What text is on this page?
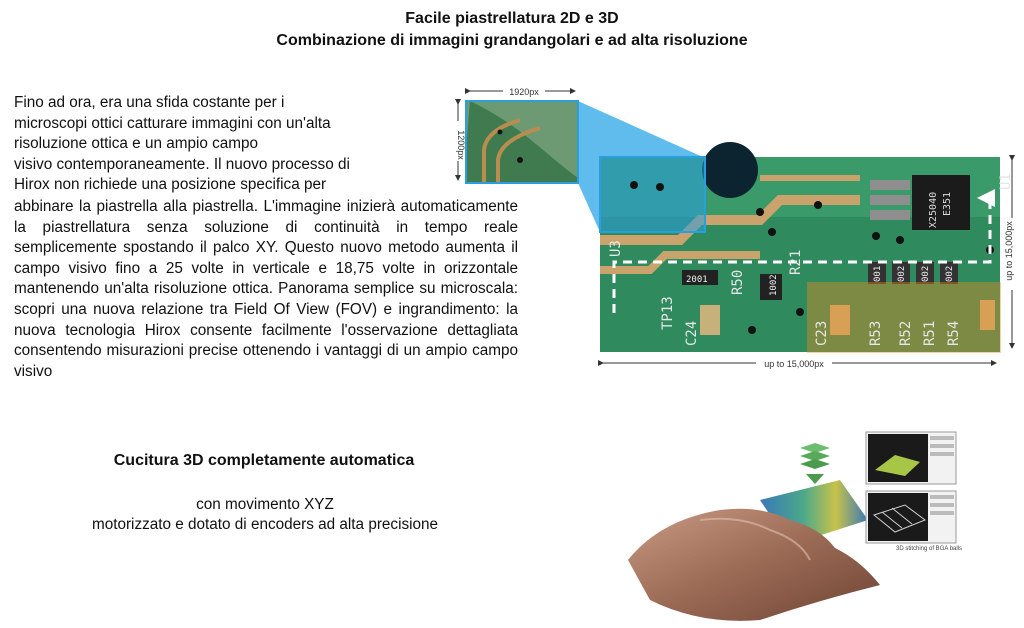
Facile piastrellatura 2D e 3D
Combinazione di immagini grandangolari e ad alta risoluzione
Fino ad ora, era una sfida costante per i
microscopi ottici catturare immagini con un'alta
risoluzione ottica e un ampio campo
visivo contemporaneamente. Il nuovo processo di
Hirox non richiede una posizione specifica per
abbinare la piastrella alla piastrella. L'immagine inizierà automaticamente la piastrellatura senza soluzione di continuità in tempo reale semplicemente spostando il palco XY. Questo nuovo metodo aumenta il campo visivo fino a 25 volte in verticale e 18,75 volte in orizzontale mantenendo un'alta risoluzione ottica. Panorama semplice su microscala: scopri una nuova relazione tra Field Of View (FOV) e ingrandimento: la nuova tecnologia Hirox consente facilmente l'osservazione dettagliata consentendo misurazioni precise ottenendo i vantaggi di un ampio campo visivo
Cucitura 3D completamente automatica
con movimento XYZ
motorizzato e dotato di encoders ad alta precisione
U3
R50
R21
U1
X25040 E351
TP13
C24	C23	R53 R52 R51 R54
2001	1002
001 002 002 002
1920px
1200px
up to 15,000px
up to 15,000px
3D stitching of BGA balls
